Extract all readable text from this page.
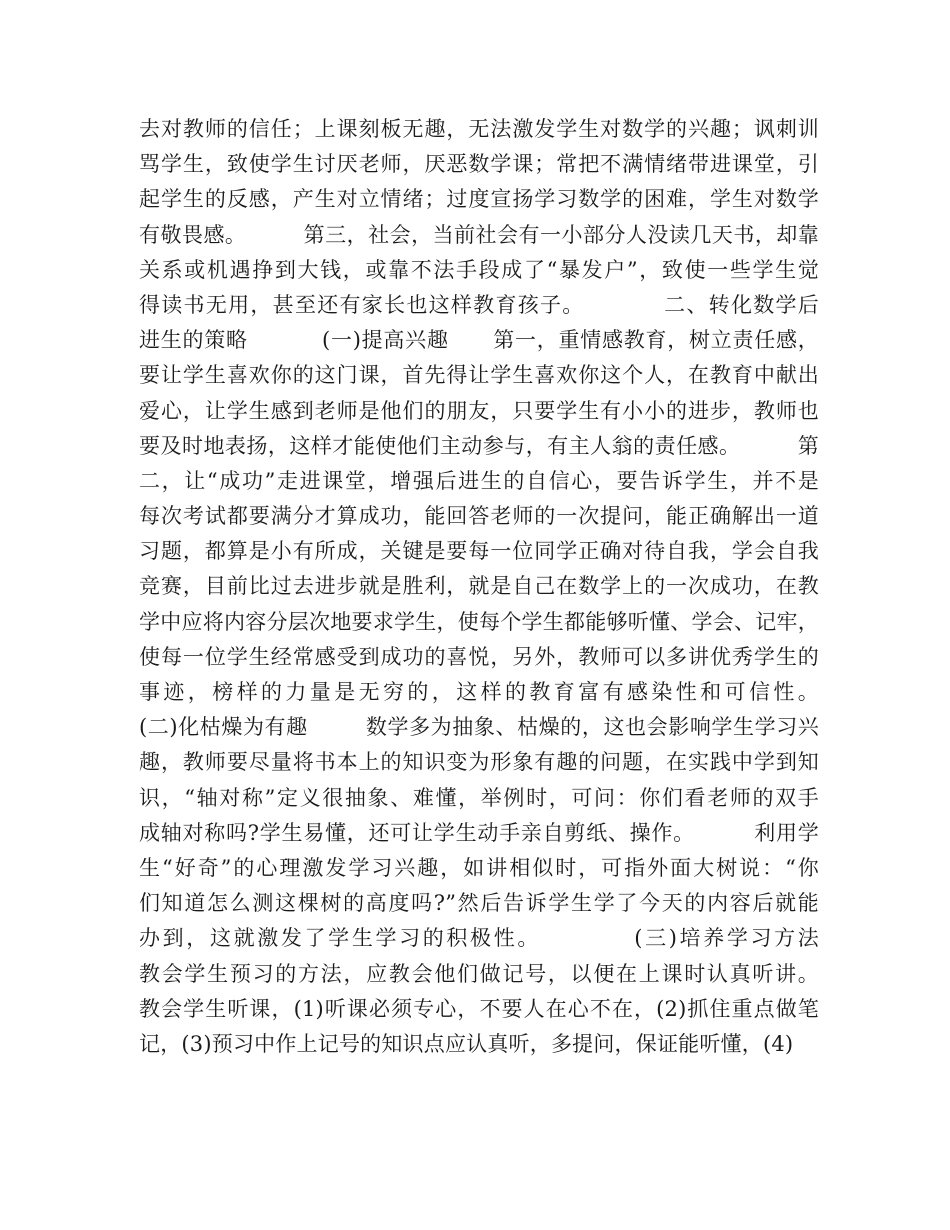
去对教师的信任；上课刻板无趣，无法激发学生对数学的兴趣；讽刺训
骂学生，致使学生讨厌老师，厌恶数学课；常把不满情绪带进课堂，引
起学生的反感，产生对立情绪；过度宣扬学习数学的困难，学生对数学
有敬畏感。        第三，社会，当前社会有一小部分人没读几天书，却靠
关系或机遇挣到大钱，或靠不法手段成了“暴发户”，致使一些学生觉
得读书无用，甚至还有家长也这样教育孩子。          二、转化数学后
进生的策略          (一)提高兴趣      第一，重情感教育，树立责任感，
要让学生喜欢你的这门课，首先得让学生喜欢你这个人，在教育中献出
爱心，让学生感到老师是他们的朋友，只要学生有小小的进步，教师也
要及时地表扬，这样才能使他们主动参与，有主人翁的责任感。        第
二，让“成功”走进课堂，增强后进生的自信心，要告诉学生，并不是
每次考试都要满分才算成功，能回答老师的一次提问，能正确解出一道
习题，都算是小有所成，关键是要每一位同学正确对待自我，学会自我
竞赛，目前比过去进步就是胜利，就是自己在数学上的一次成功，在教
学中应将内容分层次地要求学生，使每个学生都能够听懂、学会、记牢，
使每一位学生经常感受到成功的喜悦，另外，教师可以多讲优秀学生的
事迹，榜样的力量是无穷的，这样的教育富有感染性和可信性。
(二)化枯燥为有趣        数学多为抽象、枯燥的，这也会影响学生学习兴
趣，教师要尽量将书本上的知识变为形象有趣的问题，在实践中学到知
识，“轴对称”定义很抽象、难懂，举例时，可问：你们看老师的双手
成轴对称吗?学生易懂，还可让学生动手亲自剪纸、操作。        利用学
生“好奇”的心理激发学习兴趣，如讲相似时，可指外面大树说：“你
们知道怎么测这棵树的高度吗?”然后告诉学生学了今天的内容后就能
办到，这就激发了学生学习的积极性。          (三)培养学习方法
教会学生预习的方法，应教会他们做记号，以便在上课时认真听讲。
教会学生听课，(1)听课必须专心，不要人在心不在，(2)抓住重点做笔
记，(3)预习中作上记号的知识点应认真听，多提问，保证能听懂，(4)
